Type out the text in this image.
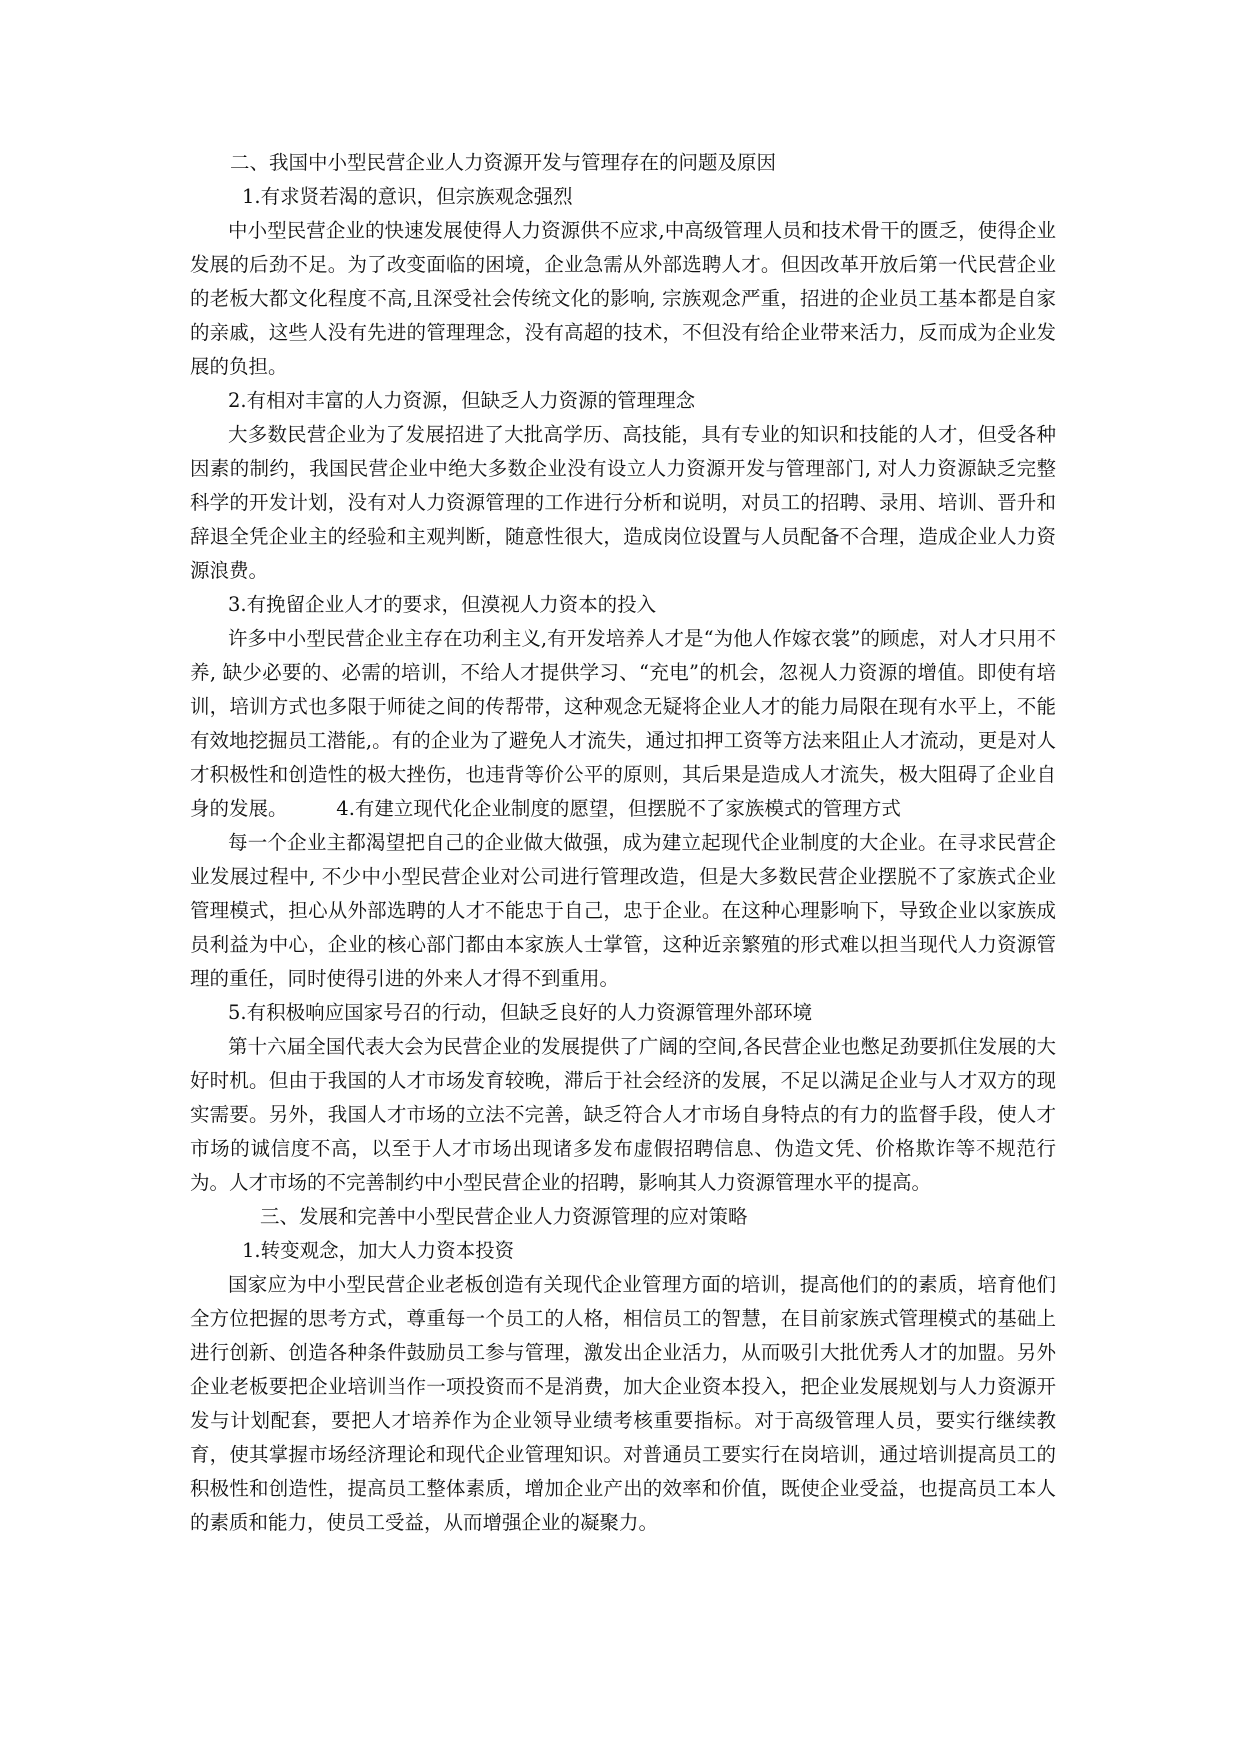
二、我国中小型民营企业人力资源开发与管理存在的问题及原因

1.有求贤若渴的意识，但宗族观念强烈

中小型民营企业的快速发展使得人力资源供不应求,中高级管理人员和技术骨干的匮乏，使得企业发展的后劲不足。为了改变面临的困境，企业急需从外部选聘人才。但因改革开放后第一代民营企业的老板大都文化程度不高,且深受社会传统文化的影响, 宗族观念严重，招进的企业员工基本都是自家的亲戚，这些人没有先进的管理理念，没有高超的技术，不但没有给企业带来活力，反而成为企业发展的负担。

2.有相对丰富的人力资源，但缺乏人力资源的管理理念

大多数民营企业为了发展招进了大批高学历、高技能，具有专业的知识和技能的人才，但受各种因素的制约，我国民营企业中绝大多数企业没有设立人力资源开发与管理部门, 对人力资源缺乏完整科学的开发计划，没有对人力资源管理的工作进行分析和说明，对员工的招聘、录用、培训、晋升和辞退全凭企业主的经验和主观判断，随意性很大，造成岗位设置与人员配备不合理，造成企业人力资源浪费。

3.有挽留企业人才的要求，但漠视人力资本的投入

许多中小型民营企业主存在功利主义,有开发培养人才是“为他人作嫁衣裳”的顾虑，对人才只用不养, 缺少必要的、必需的培训，不给人才提供学习、“充电”的机会，忽视人力资源的增值。即使有培训，培训方式也多限于师徒之间的传帮带，这种观念无疑将企业人才的能力局限在现有水平上，不能有效地挖掘员工潜能,。有的企业为了避免人才流失，通过扣押工资等方法来阻止人才流动，更是对人才积极性和创造性的极大挫伤，也违背等价公平的原则，其后果是造成人才流失，极大阻碍了企业自身的发展。　　　	4.有建立现代化企业制度的愿望，但摆脱不了家族模式的管理方式

每一个企业主都渴望把自己的企业做大做强，成为建立起现代企业制度的大企业。在寻求民营企业发展过程中, 不少中小型民营企业对公司进行管理改造，但是大多数民营企业摆脱不了家族式企业管理模式，担心从外部选聘的人才不能忠于自己，忠于企业。在这种心理影响下，导致企业以家族成员利益为中心，企业的核心部门都由本家族人士掌管，这种近亲繁殖的形式难以担当现代人力资源管理的重任，同时使得引进的外来人才得不到重用。

5.有积极响应国家号召的行动，但缺乏良好的人力资源管理外部环境

第十六届全国代表大会为民营企业的发展提供了广阔的空间,各民营企业也憋足劲要抓住发展的大好时机。但由于我国的人才市场发育较晚，滞后于社会经济的发展，不足以满足企业与人才双方的现实需要。另外，我国人才市场的立法不完善，缺乏符合人才市场自身特点的有力的监督手段，使人才市场的诚信度不高，以至于人才市场出现诸多发布虚假招聘信息、伪造文凭、价格欺诈等不规范行为。人才市场的不完善制约中小型民营企业的招聘，影响其人力资源管理水平的提高。

三、发展和完善中小型民营企业人力资源管理的应对策略

1.转变观念，加大人力资本投资

国家应为中小型民营企业老板创造有关现代企业管理方面的培训，提高他们的的素质，培育他们全方位把握的思考方式，尊重每一个员工的人格，相信员工的智慧，在目前家族式管理模式的基础上进行创新、创造各种条件鼓励员工参与管理，激发出企业活力，从而吸引大批优秀人才的加盟。另外企业老板要把企业培训当作一项投资而不是消费，加大企业资本投入，把企业发展规划与人力资源开发与计划配套，要把人才培养作为企业领导业绩考核重要指标。对于高级管理人员，要实行继续教育，使其掌握市场经济理论和现代企业管理知识。对普通员工要实行在岗培训，通过培训提高员工的积极性和创造性，提高员工整体素质，增加企业产出的效率和价值，既使企业受益，也提高员工本人的素质和能力，使员工受益，从而增强企业的凝聚力。
